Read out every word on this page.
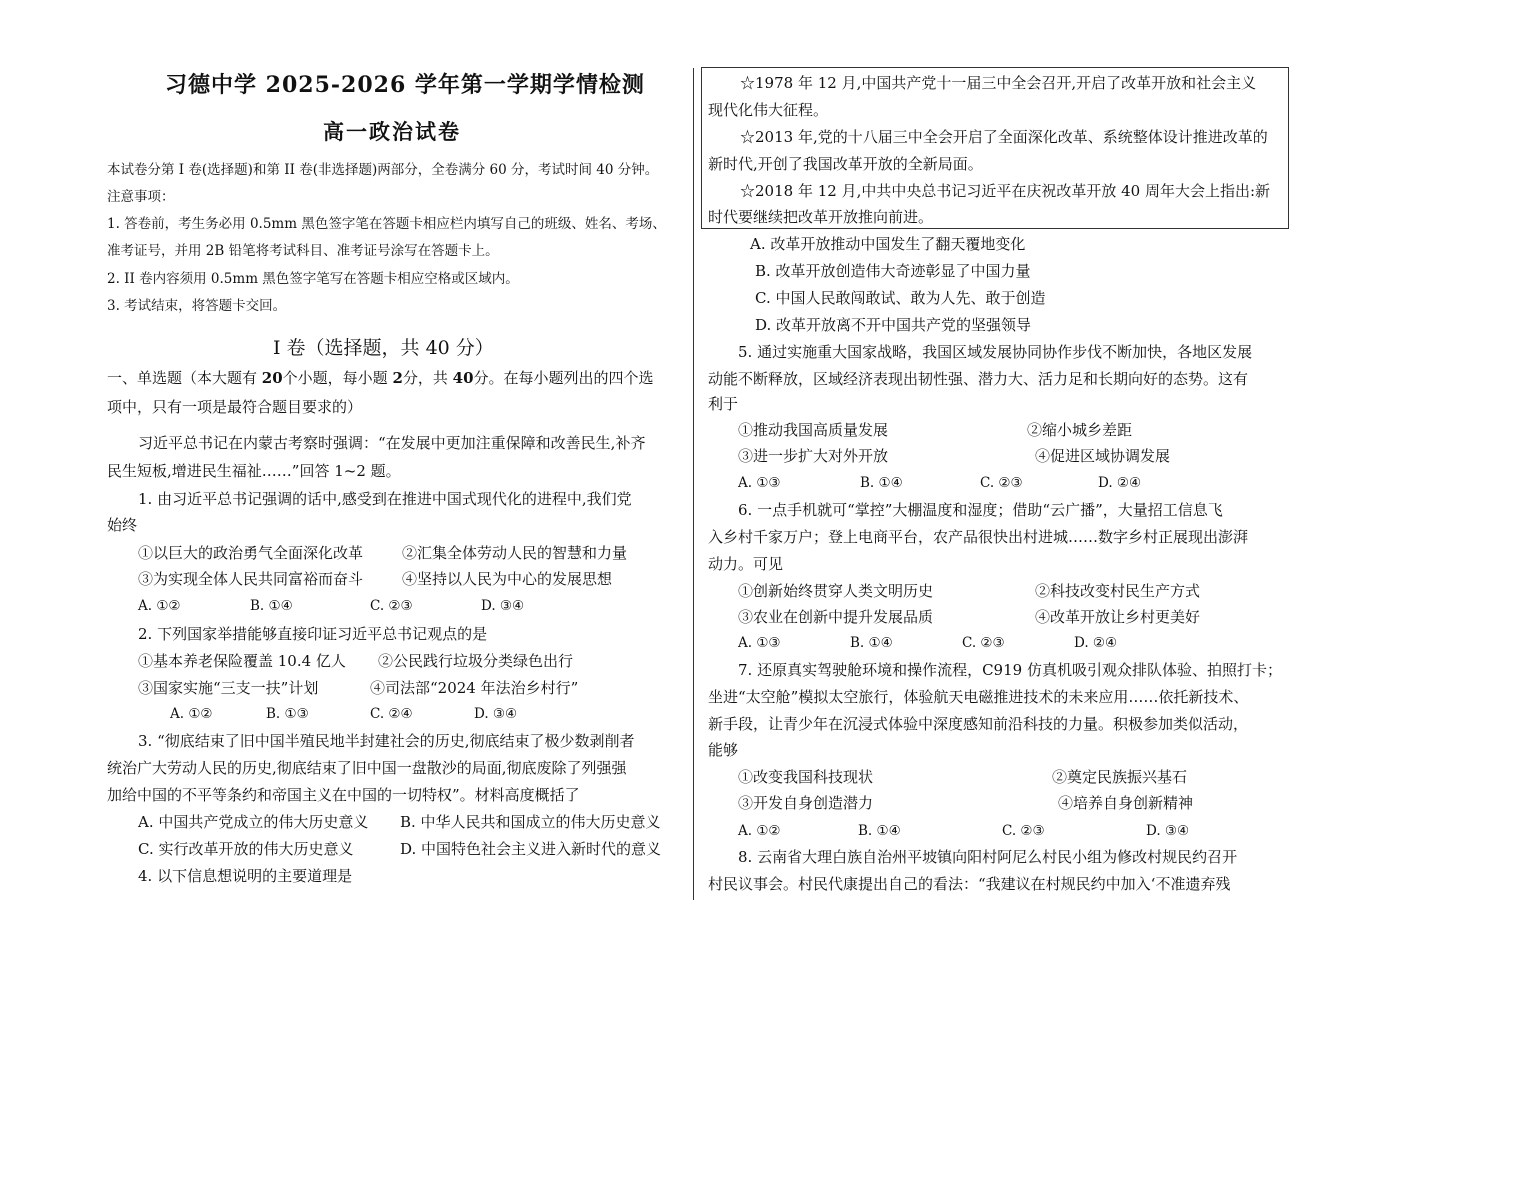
习德中学 2025-2026 学年第一学期学情检测
高一政治试卷
本试卷分第 I 卷(选择题)和第 II 卷(非选择题)两部分，全卷满分 60 分，考试时间 40 分钟。
注意事项：
1. 答卷前，考生务必用 0.5mm 黑色签字笔在答题卡相应栏内填写自己的班级、姓名、考场、
准考证号，并用 2B 铅笔将考试科目、准考证号涂写在答题卡上。
2. II 卷内容须用 0.5mm 黑色签字笔写在答题卡相应空格或区域内。
3. 考试结束，将答题卡交回。
I 卷（选择题，共 40 分）
一、单选题（本大题有 20个小题，每小题 2分，共 40分。在每小题列出的四个选
项中，只有一项是最符合题目要求的）
习近平总书记在内蒙古考察时强调：“在发展中更加注重保障和改善民生,补齐
民生短板,增进民生福祉……”回答 1~2 题。
1. 由习近平总书记强调的话中,感受到在推进中国式现代化的进程中,我们党
始终
①以巨大的政治勇气全面深化改革	②汇集全体劳动人民的智慧和力量
③为实现全体人民共同富裕而奋斗	④坚持以人民为中心的发展思想
A. ①②	B. ①④	C. ②③	D. ③④
2. 下列国家举措能够直接印证习近平总书记观点的是
①基本养老保险覆盖 10.4 亿人 ②公民践行垃圾分类绿色出行
③国家实施“三支一扶”计划	④司法部“2024 年法治乡村行”
A. ①②	B. ①③	C. ②④	D. ③④
3. “彻底结束了旧中国半殖民地半封建社会的历史,彻底结束了极少数剥削者
统治广大劳动人民的历史,彻底结束了旧中国一盘散沙的局面,彻底废除了列强强
加给中国的不平等条约和帝国主义在中国的一切特权”。材料高度概括了
A. 中国共产党成立的伟大历史意义 B. 中华人民共和国成立的伟大历史意义
C. 实行改革开放的伟大历史意义	D. 中国特色社会主义进入新时代的意义
4. 以下信息想说明的主要道理是
☆1978 年 12 月,中国共产党十一届三中全会召开,开启了改革开放和社会主义
现代化伟大征程。
☆2013 年,党的十八届三中全会开启了全面深化改革、系统整体设计推进改革的
新时代,开创了我国改革开放的全新局面。
☆2018 年 12 月,中共中央总书记习近平在庆祝改革开放 40 周年大会上指出:新
时代要继续把改革开放推向前进。
A. 改革开放推动中国发生了翻天覆地变化
B. 改革开放创造伟大奇迹彰显了中国力量
C. 中国人民敢闯敢试、敢为人先、敢于创造
D. 改革开放离不开中国共产党的坚强领导
5. 通过实施重大国家战略，我国区域发展协同协作步伐不断加快，各地区发展
动能不断释放，区域经济表现出韧性强、潜力大、活力足和长期向好的态势。这有
利于
①推动我国高质量发展	②缩小城乡差距
③进一步扩大对外开放	④促进区域协调发展
A. ①③	B. ①④	C. ②③	D. ②④
6. 一点手机就可“掌控”大棚温度和湿度；借助“云广播”，大量招工信息飞
入乡村千家万户；登上电商平台，农产品很快出村进城……数字乡村正展现出澎湃
动力。可见
①创新始终贯穿人类文明历史	②科技改变村民生产方式
③农业在创新中提升发展品质	④改革开放让乡村更美好
A. ①③	B. ①④	C. ②③	D. ②④
7. 还原真实驾驶舱环境和操作流程，C919 仿真机吸引观众排队体验、拍照打卡；
坐进“太空舱”模拟太空旅行，体验航天电磁推进技术的未来应用……依托新技术、
新手段，让青少年在沉浸式体验中深度感知前沿科技的力量。积极参加类似活动，
能够
①改变我国科技现状	②奠定民族振兴基石
③开发自身创造潜力	④培养自身创新精神
A. ①②	B. ①④	C. ②③	D. ③④
8. 云南省大理白族自治州平坡镇向阳村阿尼么村民小组为修改村规民约召开
村民议事会。村民代康提出自己的看法：“我建议在村规民约中加入‘不准遗弃残
